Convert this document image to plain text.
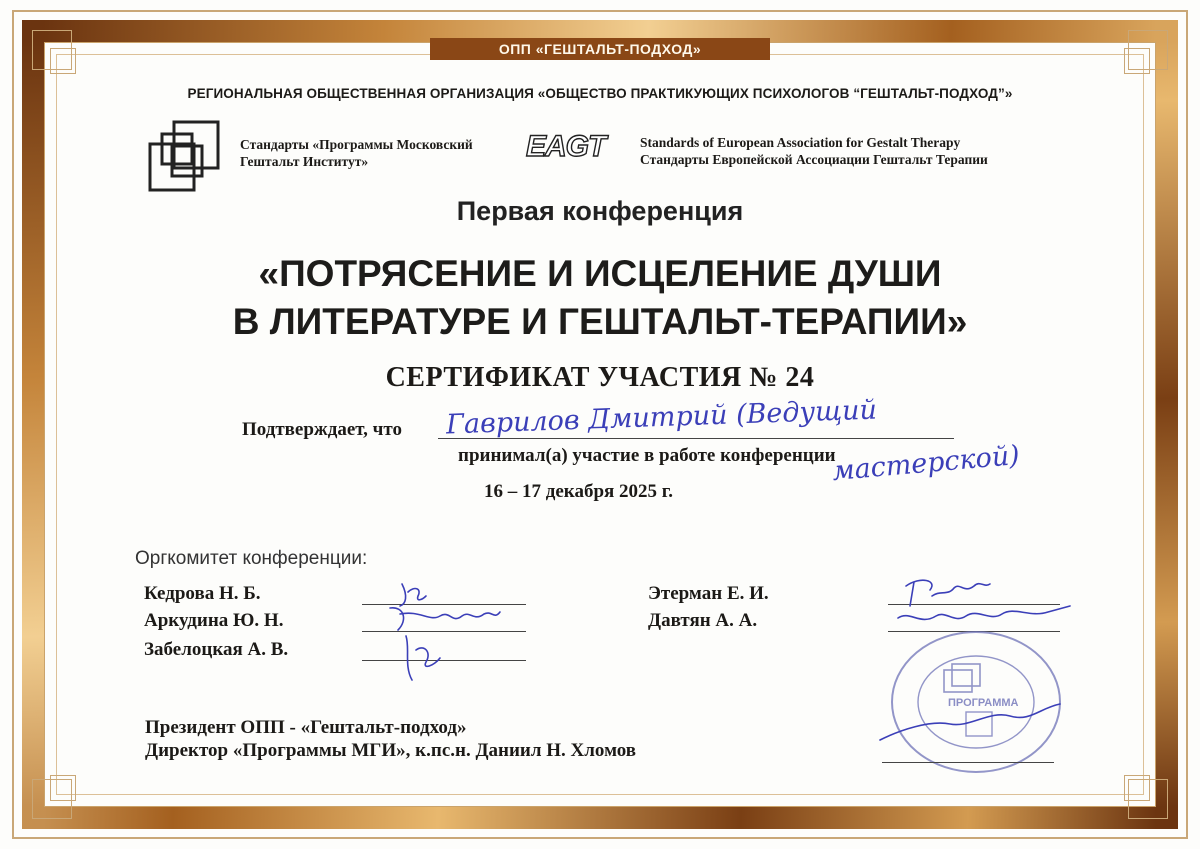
ОПП «ГЕШТАЛЬТ-ПОДХОД»
РЕГИОНАЛЬНАЯ ОБЩЕСТВЕННАЯ ОРГАНИЗАЦИЯ «ОБЩЕСТВО ПРАКТИКУЮЩИХ ПСИХОЛОГОВ “ГЕШТАЛЬТ-ПОДХОД”»
Стандарты «Программы Московский
Гештальт Институт»	EAGT	Standards of European Association for Gestalt Therapy
Стандарты Европейской Ассоциации Гештальт Терапии
Первая конференция
«ПОТРЯСЕНИЕ И ИСЦЕЛЕНИЕ ДУШИ
В ЛИТЕРАТУРЕ И ГЕШТАЛЬТ-ТЕРАПИИ»
СЕРТИФИКАТ УЧАСТИЯ № 24
Подтверждает, что Гаврилов Дмитрий (Ведущий
принимал(а) участие в работе конференции
мастерской)
16 – 17 декабря 2025 г.
Оргкомитет конференции:
Кедрова Н. Б.
Аркудина Ю. Н.
Забелоцкая А. В.
Этерман Е. И.
Давтян А. А.
ПРОГРАММА
Президент ОПП - «Гештальт-подход»
Директор «Программы МГИ», к.пс.н. Даниил Н. Хломов
